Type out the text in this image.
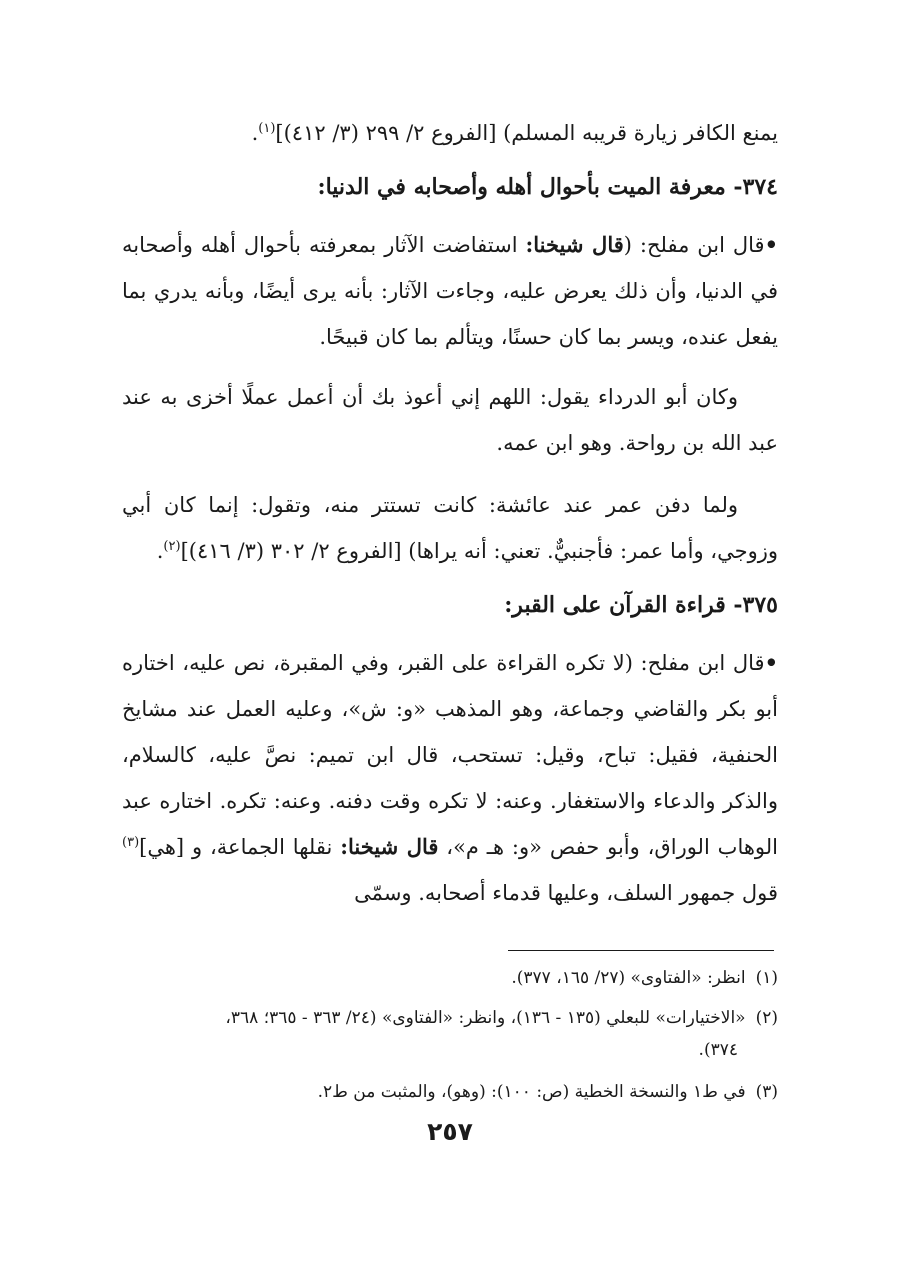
يمنع الكافر زيارة قريبه المسلم) [الفروع ٢/ ٢٩٩ (٣/ ٤١٢)]$^{(١)}$.
٣٧٤- معرفة الميت بأحوال أهله وأصحابه في الدنيا:
•قال ابن مفلح: (قال شيخنا: استفاضت الآثار بمعرفته بأحوال أهله وأصحابه في الدنيا، وأن ذلك يعرض عليه، وجاءت الآثار: بأنه يرى أيضًا، وبأنه يدري بما يفعل عنده، ويسر بما كان حسنًا، ويتألم بما كان قبيحًا.
وكان أبو الدرداء يقول: اللهم إني أعوذ بك أن أعمل عملًا أخزى به عند عبد الله بن رواحة. وهو ابن عمه.
ولما دفن عمر عند عائشة: كانت تستتر منه، وتقول: إنما كان أبي وزوجي، وأما عمر: فأجنبيٌّ. تعني: أنه يراها) [الفروع ٢/ ٣٠٢ (٣/ ٤١٦)]$^{(٢)}$.
٣٧٥- قراءة القرآن على القبر:
•قال ابن مفلح: (لا تكره القراءة على القبر، وفي المقبرة، نص عليه، اختاره أبو بكر والقاضي وجماعة، وهو المذهب «و: ش»، وعليه العمل عند مشايخ الحنفية، فقيل: تباح، وقيل: تستحب، قال ابن تميم: نصَّ عليه، كالسلام، والذكر والدعاء والاستغفار. وعنه: لا تكره وقت دفنه. وعنه: تكره. اختاره عبد الوهاب الوراق، وأبو حفص «و: هـ م»، قال شيخنا: نقلها الجماعة، و [هي]$^{(٣)}$ قول جمهور السلف، وعليها قدماء أصحابه. وسمّى
(١)انظر: «الفتاوى» (٢٧/ ١٦٥، ٣٧٧).
(٢)«الاختيارات» للبعلي (١٣٥ - ١٣٦)، وانظر: «الفتاوى» (٢٤/ ٣٦٣ - ٣٦٥؛ ٣٦٨،
٣٧٤).
(٣)في ط١ والنسخة الخطية (ص: ١٠٠): (وهو)، والمثبت من ط٢.
٢٥٧
